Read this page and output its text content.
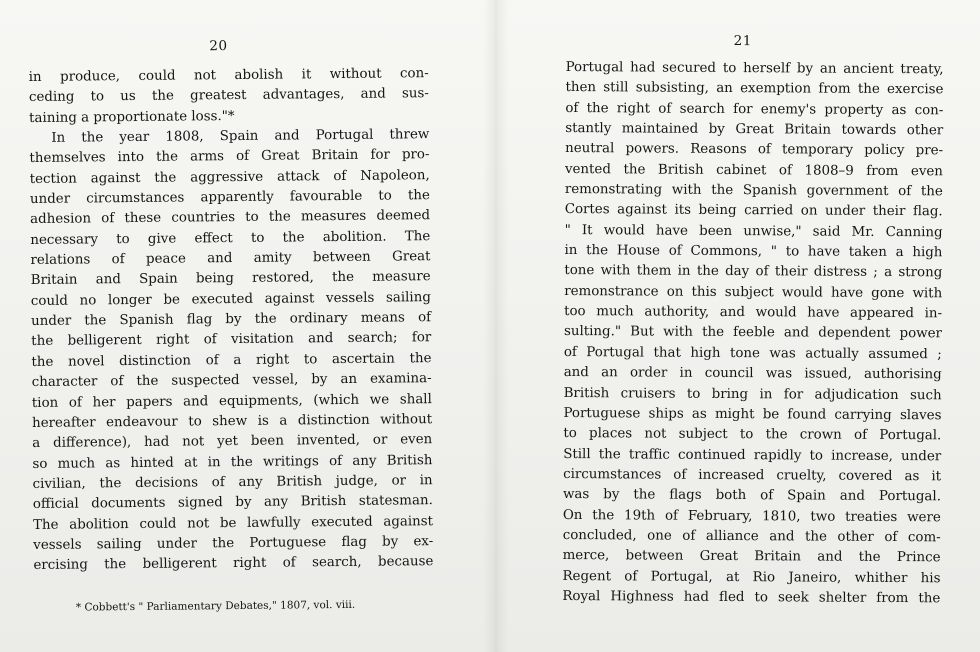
20
in produce, could not abolish it without con-
ceding to us the greatest advantages, and sus-
taining a proportionate loss."*
In the year 1808, Spain and Portugal threw
themselves into the arms of Great Britain for pro-
tection against the aggressive attack of Napoleon,
under circumstances apparently favourable to the
adhesion of these countries to the measures deemed
necessary to give effect to the abolition. The
relations of peace and amity between Great
Britain and Spain being restored, the measure
could no longer be executed against vessels sailing
under the Spanish flag by the ordinary means of
the belligerent right of visitation and search; for
the novel distinction of a right to ascertain the
character of the suspected vessel, by an examina-
tion of her papers and equipments, (which we shall
hereafter endeavour to shew is a distinction without
a difference), had not yet been invented, or even
so much as hinted at in the writings of any British
civilian, the decisions of any British judge, or in
official documents signed by any British statesman.
The abolition could not be lawfully executed against
vessels sailing under the Portuguese flag by ex-
ercising the belligerent right of search, because
* Cobbett's " Parliamentary Debates," 1807, vol. viii.
21
Portugal had secured to herself by an ancient treaty,
then still subsisting, an exemption from the exercise
of the right of search for enemy's property as con-
stantly maintained by Great Britain towards other
neutral powers. Reasons of temporary policy pre-
vented the British cabinet of 1808–9 from even
remonstrating with the Spanish government of the
Cortes against its being carried on under their flag.
" It would have been unwise," said Mr. Canning
in the House of Commons, " to have taken a high
tone with them in the day of their distress ; a strong
remonstrance on this subject would have gone with
too much authority, and would have appeared in-
sulting." But with the feeble and dependent power
of Portugal that high tone was actually assumed ;
and an order in council was issued, authorising
British cruisers to bring in for adjudication such
Portuguese ships as might be found carrying slaves
to places not subject to the crown of Portugal.
Still the traffic continued rapidly to increase, under
circumstances of increased cruelty, covered as it
was by the flags both of Spain and Portugal.
On the 19th of February, 1810, two treaties were
concluded, one of alliance and the other of com-
merce, between Great Britain and the Prince
Regent of Portugal, at Rio Janeiro, whither his
Royal Highness had fled to seek shelter from the
